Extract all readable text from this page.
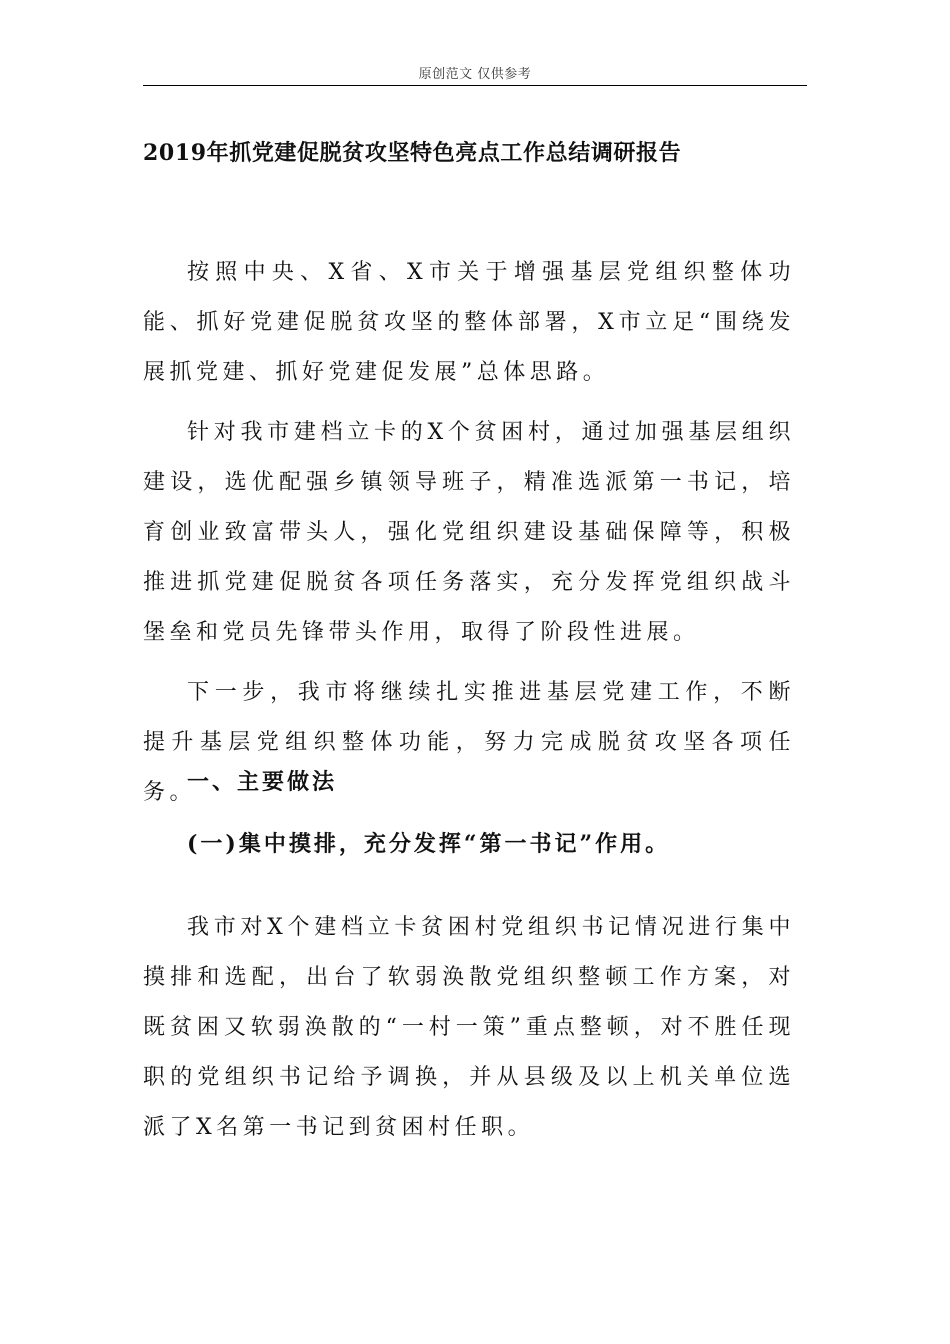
原创范文 仅供参考
2019年抓党建促脱贫攻坚特色亮点工作总结调研报告

按照中央、X省、X市关于增强基层党组织整体功能、抓好党建促脱贫攻坚的整体部署，X市立足“围绕发展抓党建、抓好党建促发展”总体思路。

针对我市建档立卡的X个贫困村，通过加强基层组织建设，选优配强乡镇领导班子，精准选派第一书记，培育创业致富带头人，强化党组织建设基础保障等，积极推进抓党建促脱贫各项任务落实，充分发挥党组织战斗堡垒和党员先锋带头作用，取得了阶段性进展。

下一步，我市将继续扎实推进基层党建工作，不断提升基层党组织整体功能，努力完成脱贫攻坚各项任务。

一、主要做法
(一)集中摸排，充分发挥“第一书记”作用。

我市对X个建档立卡贫困村党组织书记情况进行集中摸排和选配，出台了软弱涣散党组织整顿工作方案，对既贫困又软弱涣散的“一村一策”重点整顿，对不胜任现职的党组织书记给予调换，并从县级及以上机关单位选派了X名第一书记到贫困村任职。
